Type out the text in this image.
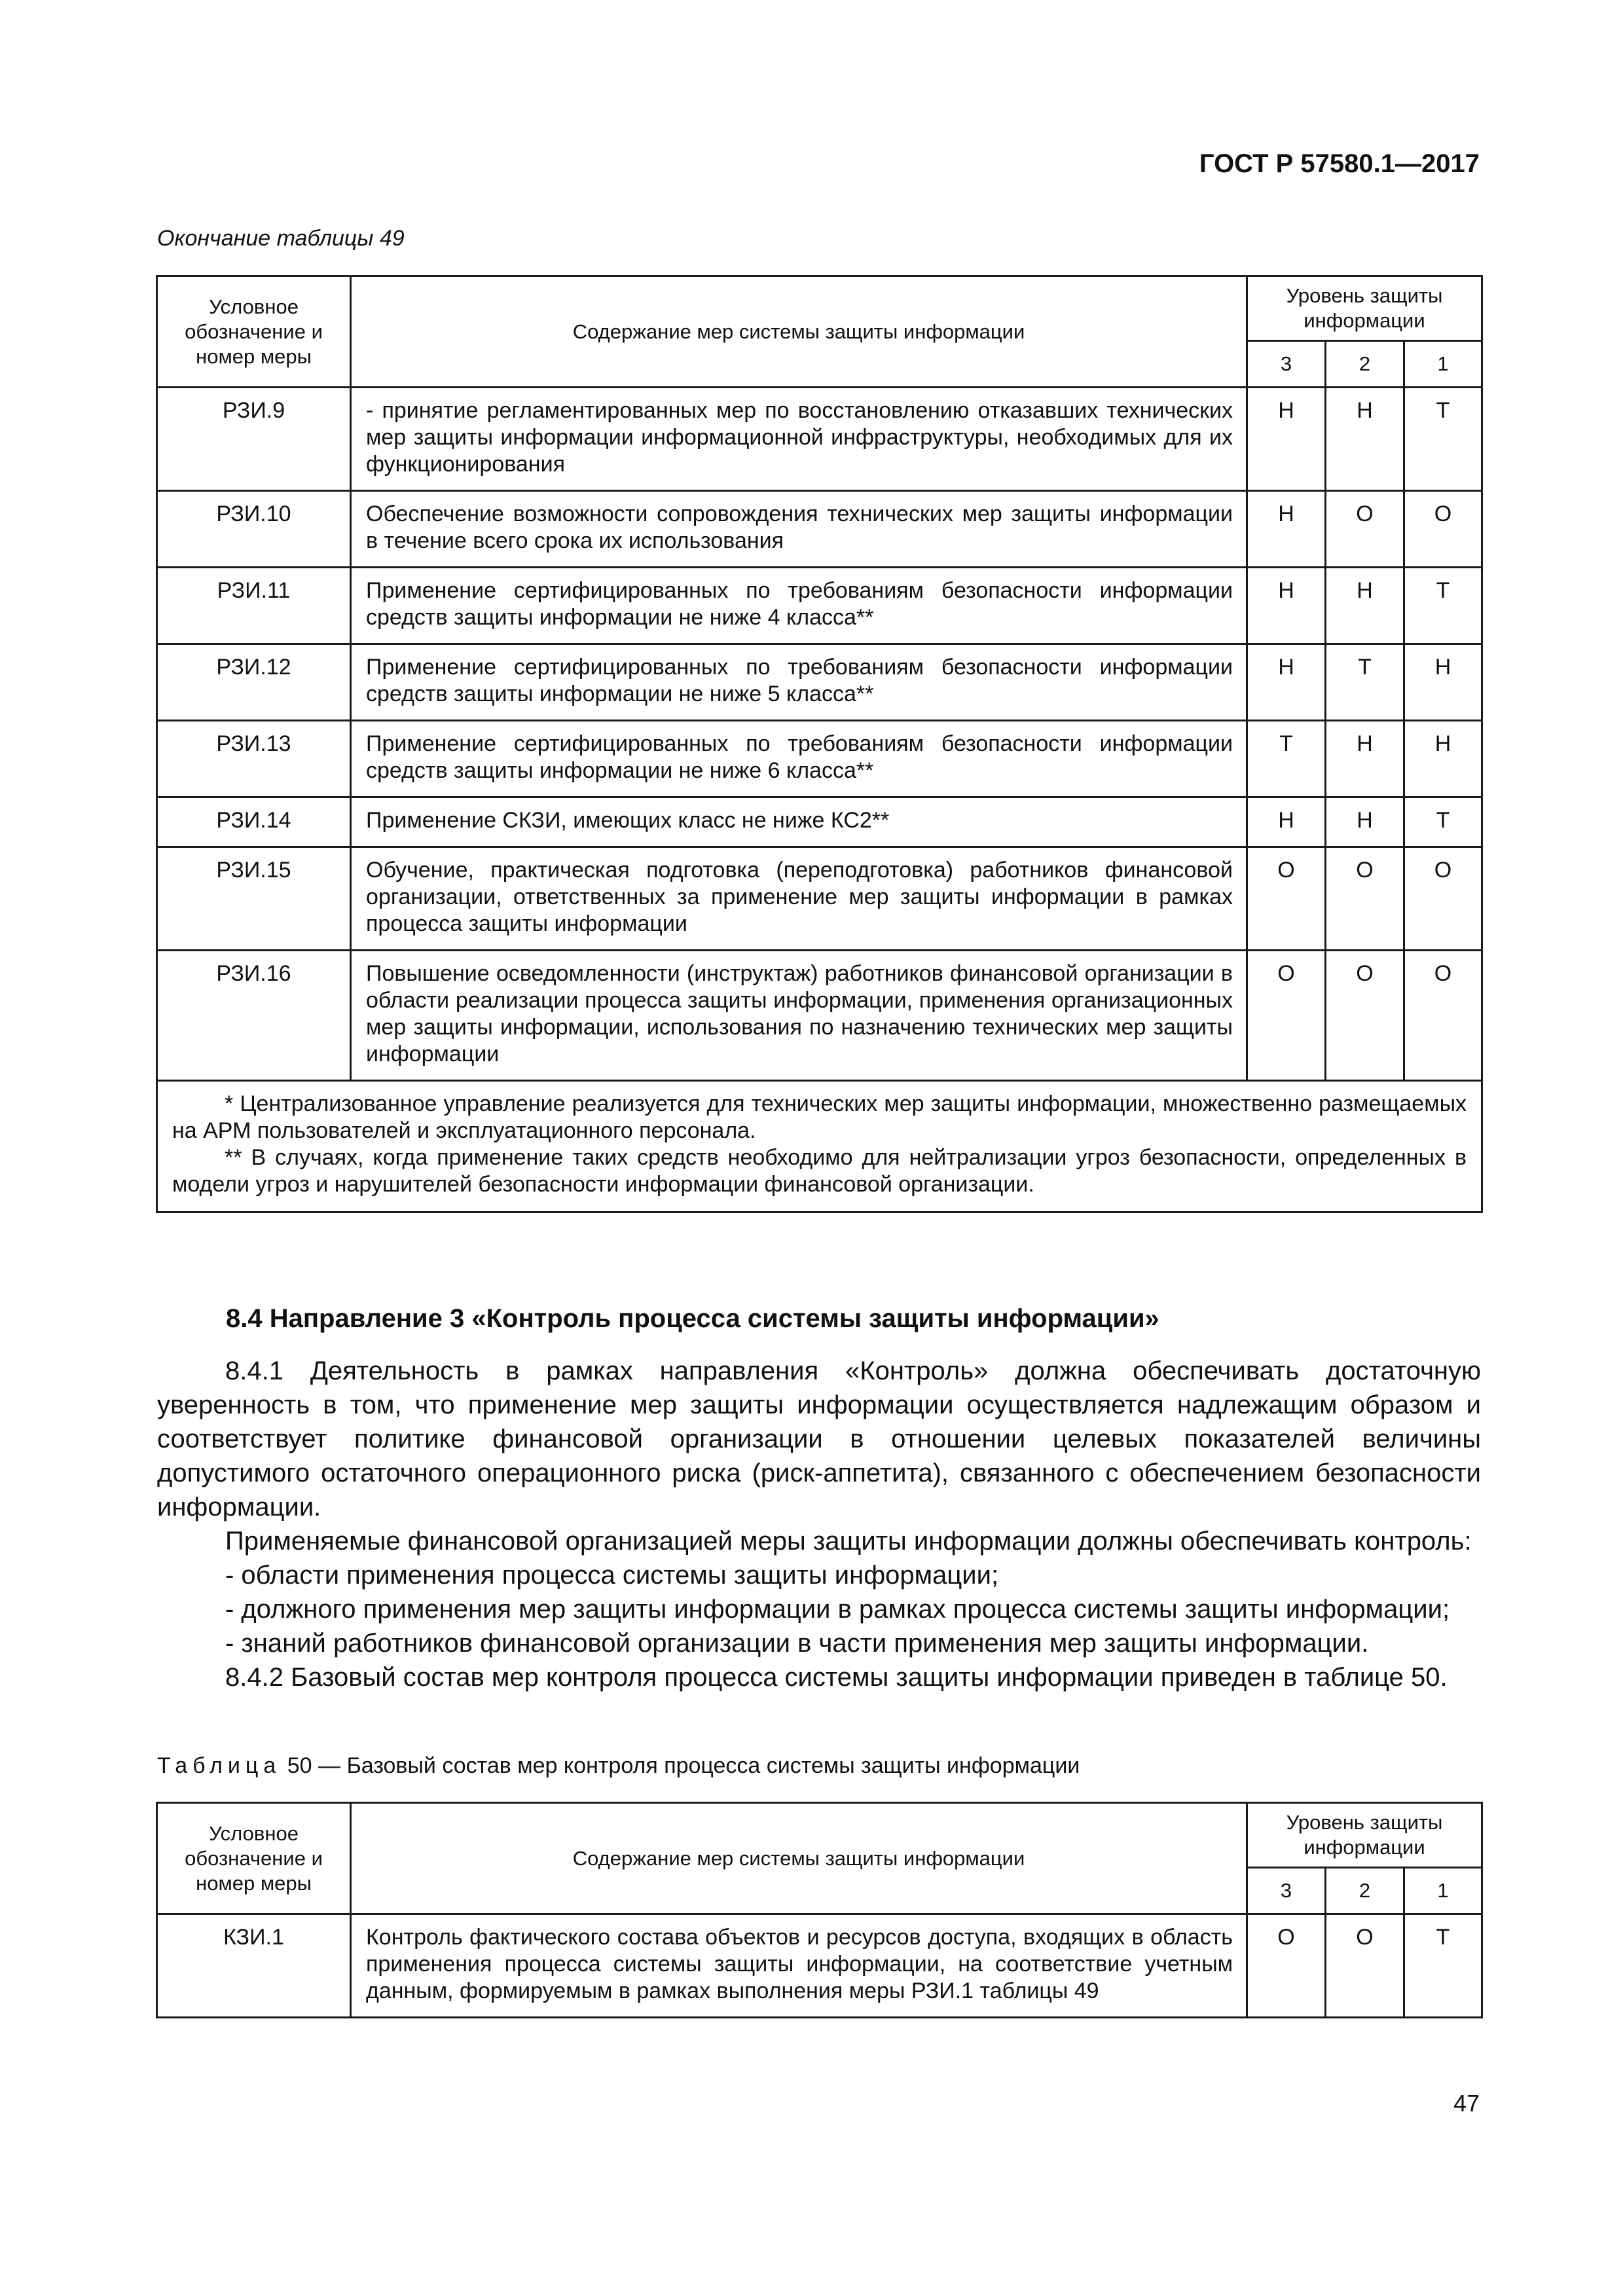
ГОСТ Р 57580.1—2017
Окончание таблицы 49
Условное обозначение и номер меры	Содержание мер системы защиты информации	Уровень защиты информации		
		3	2	1
РЗИ.9	- принятие регламентированных мер по восстановлению отказавших технических мер защиты информации информационной инфраструктуры, необходимых для их функционирования	Н	Н	Т
РЗИ.10	Обеспечение возможности сопровождения технических мер защиты информации в течение всего срока их использования	Н	О	О
РЗИ.11	Применение сертифицированных по требованиям безопасности информации средств защиты информации не ниже 4 класса**	Н	Н	Т
РЗИ.12	Применение сертифицированных по требованиям безопасности информации средств защиты информации не ниже 5 класса**	Н	Т	Н
РЗИ.13	Применение сертифицированных по требованиям безопасности информации средств защиты информации не ниже 6 класса**	Т	Н	Н
РЗИ.14	Применение СКЗИ, имеющих класс не ниже КС2**	Н	Н	Т
РЗИ.15	Обучение, практическая подготовка (переподготовка) работников финансовой организации, ответственных за применение мер защиты информации в рамках процесса защиты информации	О	О	О
РЗИ.16	Повышение осведомленности (инструктаж) работников финансовой организации в области реализации процесса защиты информации, применения организационных мер защиты информации, использования по назначению технических мер защиты информации	О	О	О

* Централизованное управление реализуется для технических мер защиты информации, множественно размещаемых на АРМ пользователей и эксплуатационного персонала.

** В случаях, когда применение таких средств необходимо для нейтрализации угроз безопасности, определенных в модели угроз и нарушителей безопасности информации финансовой организации.				

8.4 Направление 3 «Контроль процесса системы защиты информации»

8.4.1 Деятельность в рамках направления «Контроль» должна обеспечивать достаточную уверенность в том, что применение мер защиты информации осуществляется надлежащим образом и соответствует политике финансовой организации в отношении целевых показателей величины допустимого остаточного операционного риска (риск-аппетита), связанного с обеспечением безопасности информации.

Применяемые финансовой организацией меры защиты информации должны обеспечивать контроль:

- области применения процесса системы защиты информации;

- должного применения мер защиты информации в рамках процесса системы защиты информации;

- знаний работников финансовой организации в части применения мер защиты информации.

8.4.2 Базовый состав мер контроля процесса системы защиты информации приведен в таблице 50.

Таблица 50 — Базовый состав мер контроля процесса системы защиты информации
Условное обозначение и номер меры	Содержание мер системы защиты информации	Уровень защиты информации		
		3	2	1
КЗИ.1	Контроль фактического состава объектов и ресурсов доступа, входящих в область применения процесса системы защиты информации, на соответствие учетным данным, формируемым в рамках выполнения меры РЗИ.1 таблицы 49	О	О	Т
47
